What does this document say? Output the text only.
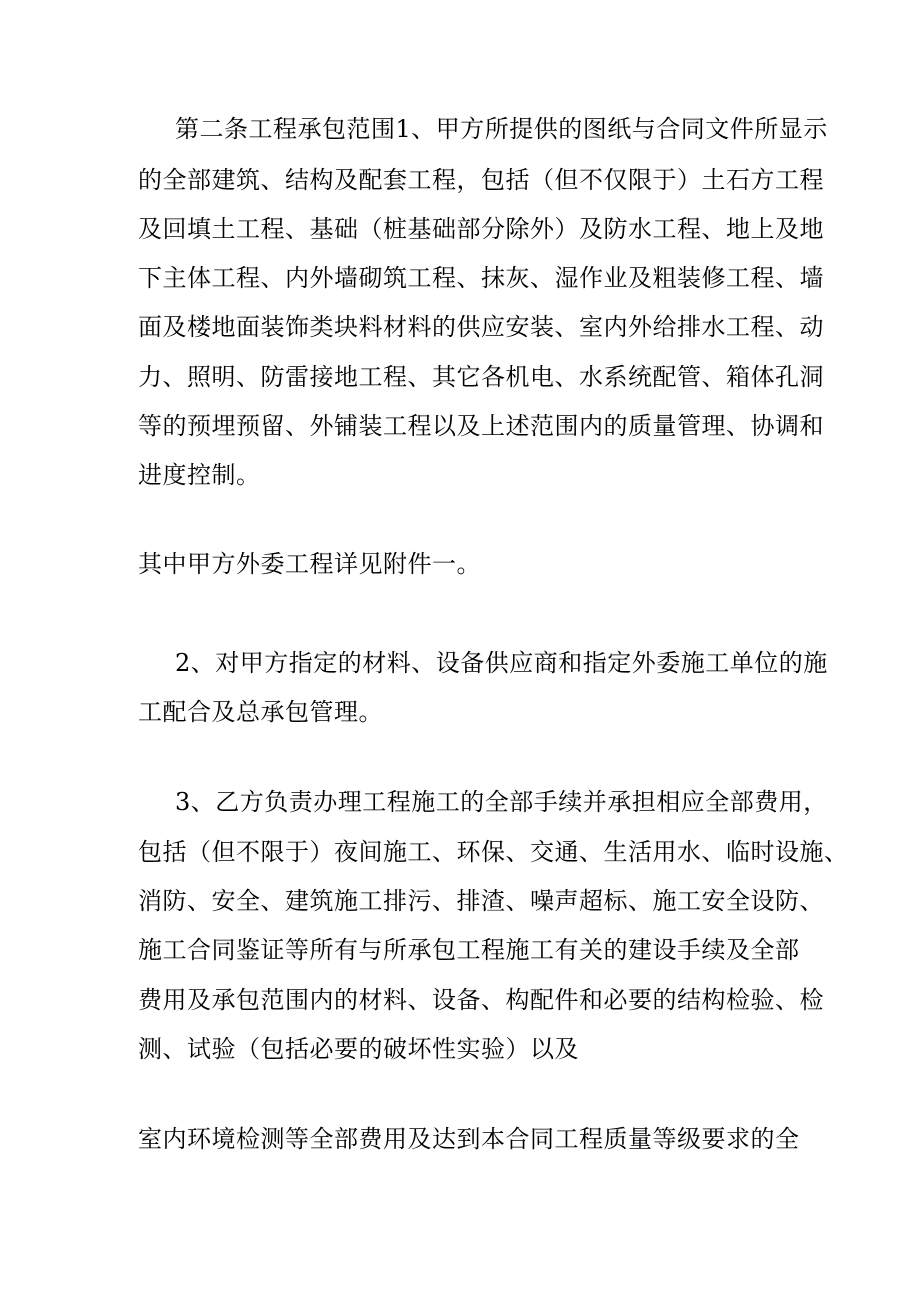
第二条工程承包范围1、甲方所提供的图纸与合同文件所显示
的全部建筑、结构及配套工程，包括（但不仅限于）土石方工程
及回填土工程、基础（桩基础部分除外）及防水工程、地上及地
下主体工程、内外墙砌筑工程、抹灰、湿作业及粗装修工程、墙
面及楼地面装饰类块料材料的供应安装、室内外给排水工程、动
力、照明、防雷接地工程、其它各机电、水系统配管、箱体孔洞
等的预埋预留、外铺装工程以及上述范围内的质量管理、协调和
进度控制。
其中甲方外委工程详见附件一。
2、对甲方指定的材料、设备供应商和指定外委施工单位的施
工配合及总承包管理。
3、乙方负责办理工程施工的全部手续并承担相应全部费用，
包括（但不限于）夜间施工、环保、交通、生活用水、临时设施、
消防、安全、建筑施工排污、排渣、噪声超标、施工安全设防、
施工合同鉴证等所有与所承包工程施工有关的建设手续及全部
费用及承包范围内的材料、设备、构配件和必要的结构检验、检
测、试验（包括必要的破坏性实验）以及
室内环境检测等全部费用及达到本合同工程质量等级要求的全
